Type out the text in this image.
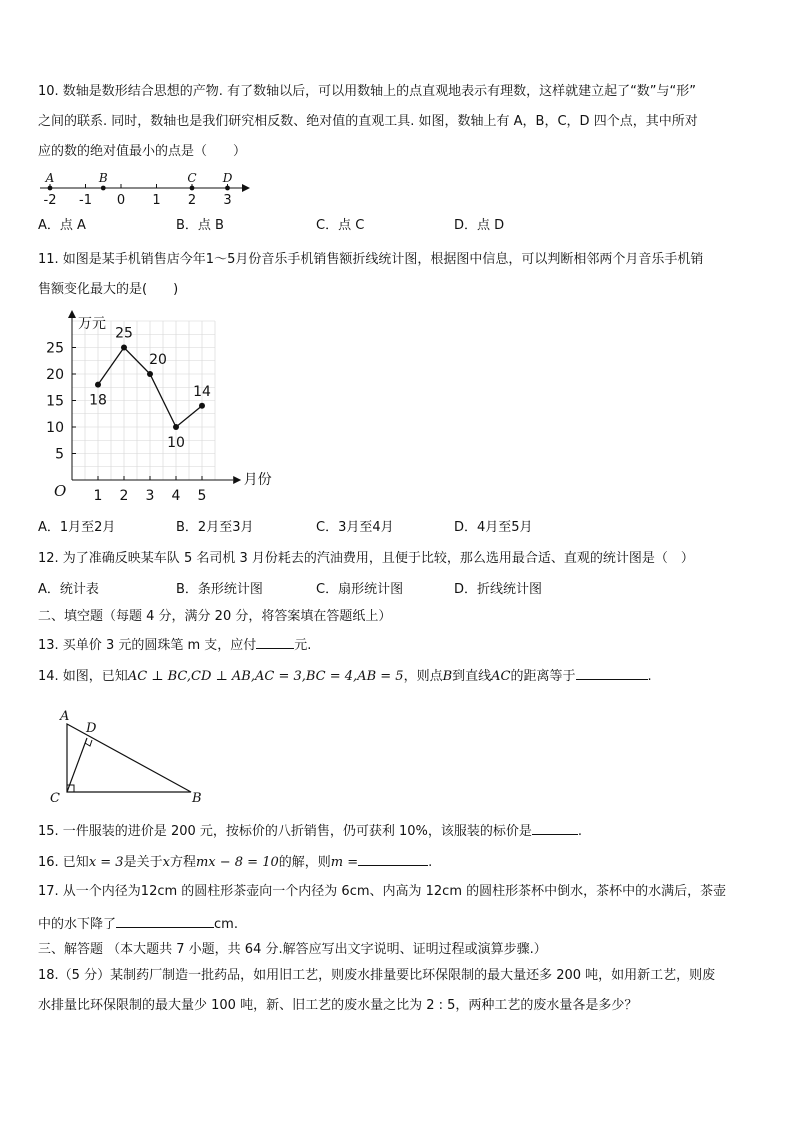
10. 数轴是数形结合思想的产物. 有了数轴以后，可以用数轴上的点直观地表示有理数，这样就建立起了“数”与“形”
之间的联系. 同时，数轴也是我们研究相反数、绝对值的直观工具. 如图，数轴上有 A，B，C，D 四个点，其中所对
应的数的绝对值最小的点是（　　）
-2 -1 0 1 2 3
A	B	C D
A．点 A	B．点 B	C．点 C	D．点 D
11. 如图是某手机销售店今年1～5月份音乐手机销售额折线统计图，根据图中信息，可以判断相邻两个月音乐手机销
售额变化最大的是(　　)
万元
月份
O
5
10
15
20
25
1 2 3 4 5
18
25
20
10
14
A．1月至2月	B．2月至3月	C．3月至4月	D．4月至5月
12. 为了准确反映某车队 5 名司机 3 月份耗去的汽油费用，且便于比较，那么选用最合适、直观的统计图是（　）
A．统计表	B．条形统计图	C．扇形统计图	D．折线统计图
二、填空题（每题 4 分，满分 20 分，将答案填在答题纸上）
13. 买单价 3 元的圆珠笔 m 支，应付	元.
14. 如图，已知AC ⊥ BC,CD ⊥ AB,AC = 3,BC = 4,AB = 5，则点B到直线AC的距离等于	.
A
D
C	B
15. 一件服装的进价是 200 元，按标价的八折销售，仍可获利 10%，该服装的标价是	.
16. 已知x = 3是关于x方程mx − 8 = 10的解，则m =	.
17. 从一个内径为12cm 的圆柱形茶壶向一个内径为 6cm、内高为 12cm 的圆柱形茶杯中倒水，茶杯中的水满后，茶壶
中的水下降了	cm.
三、解答题 （本大题共 7 小题，共 64 分.解答应写出文字说明、证明过程或演算步骤.）
18.（5 分）某制药厂制造一批药品，如用旧工艺，则废水排量要比环保限制的最大量还多 200 吨，如用新工艺，则废
水排量比环保限制的最大量少 100 吨，新、旧工艺的废水量之比为 2 : 5，两种工艺的废水量各是多少？
